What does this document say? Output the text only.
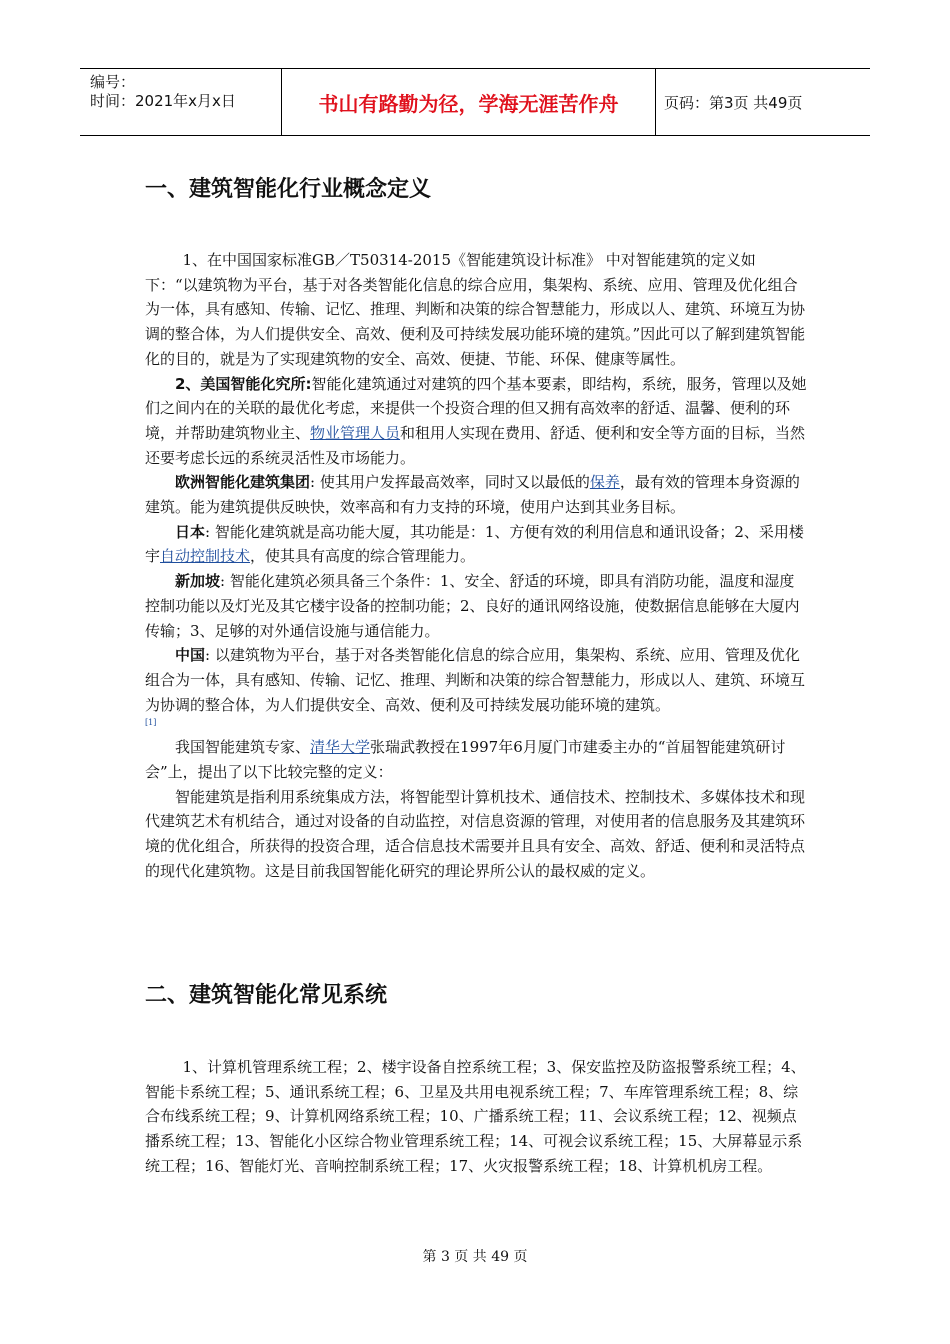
编号：
时间：2021年x月x日	书山有路勤为径，学海无涯苦作舟	页码：第3页 共49页
一、建筑智能化行业概念定义

1、在中国国家标准GB／T50314-2015《智能建筑设计标准》 中对智能建筑的定义如下：“以建筑物为平台，基于对各类智能化信息的综合应用，集架构、系统、应用、管理及优化组合为一体，具有感知、传输、记忆、推理、判断和决策的综合智慧能力，形成以人、建筑、环境互为协调的整合体，为人们提供安全、高效、便利及可持续发展功能环境的建筑。”因此可以了解到建筑智能化的目的，就是为了实现建筑物的安全、高效、便捷、节能、环保、健康等属性。

2、美国智能化究所:智能化建筑通过对建筑的四个基本要素，即结构，系统，服务，管理以及她们之间内在的关联的最优化考虑，来提供一个投资合理的但又拥有高效率的舒适、温馨、便利的环境，并帮助建筑物业主、物业管理人员和租用人实现在费用、舒适、便利和安全等方面的目标，当然还要考虑长远的系统灵活性及市场能力。

欧洲智能化建筑集团: 使其用户发挥最高效率，同时又以最低的保养，最有效的管理本身资源的建筑。能为建筑提供反映快，效率高和有力支持的环境，使用户达到其业务目标。

日本: 智能化建筑就是高功能大厦，其功能是：1、方便有效的利用信息和通讯设备；2、采用楼宇自动控制技术，使其具有高度的综合管理能力。

新加坡: 智能化建筑必须具备三个条件：1、安全、舒适的环境，即具有消防功能，温度和湿度控制功能以及灯光及其它楼宇设备的控制功能；2、良好的通讯网络设施，使数据信息能够在大厦内传输；3、足够的对外通信设施与通信能力。

中国: 以建筑物为平台，基于对各类智能化信息的综合应用，集架构、系统、应用、管理及优化组合为一体，具有感知、传输、记忆、推理、判断和决策的综合智慧能力，形成以人、建筑、环境互为协调的整合体，为人们提供安全、高效、便利及可持续发展功能环境的建筑。
[1]

我国智能建筑专家、清华大学张瑞武教授在1997年6月厦门市建委主办的“首届智能建筑研讨会”上，提出了以下比较完整的定义：

智能建筑是指利用系统集成方法，将智能型计算机技术、通信技术、控制技术、多媒体技术和现代建筑艺术有机结合，通过对设备的自动监控，对信息资源的管理，对使用者的信息服务及其建筑环境的优化组合，所获得的投资合理，适合信息技术需要并且具有安全、高效、舒适、便利和灵活特点的现代化建筑物。这是目前我国智能化研究的理论界所公认的最权威的定义。

二、建筑智能化常见系统

1、计算机管理系统工程；2、楼宇设备自控系统工程；3、保安监控及防盗报警系统工程；4、智能卡系统工程；5、通讯系统工程；6、卫星及共用电视系统工程；7、车库管理系统工程；8、综合布线系统工程；9、计算机网络系统工程；10、广播系统工程；11、会议系统工程；12、视频点播系统工程；13、智能化小区综合物业管理系统工程；14、可视会议系统工程；15、大屏幕显示系统工程；16、智能灯光、音响控制系统工程；17、火灾报警系统工程；18、计算机机房工程。

第 3 页 共 49 页
